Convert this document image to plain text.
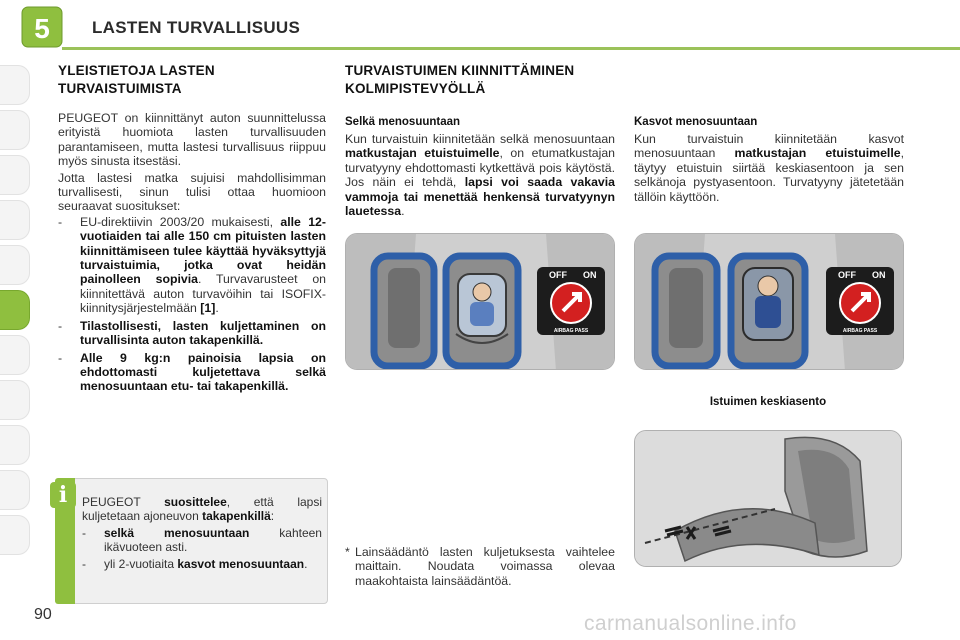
5 LASTEN TURVALLISUUS
YLEISTIETOJA LASTEN
TURVAISTUIMISTA

PEUGEOT on kiinnittänyt auton suunnittelussa erityistä huomiota lasten turvallisuuden parantamiseen, mutta lastesi turvallisuus riippuu myös sinusta itsestäsi.

Jotta lastesi matka sujuisi mahdollisimman turvallisesti, sinun tulisi ottaa huomioon seuraavat suositukset:

- EU-direktiivin 2003/20 mukaisesti, alle 12-vuotiaiden tai alle 150 cm pituisten lasten kiinnittämiseen tulee käyttää hyväksyttyjä turvaistuimia, jotka ovat heidän painolleen sopivia. Turvavarusteet on kiinnitettävä auton turvavöihin tai ISOFIX-kiinnitysjärjestelmään [1].
- Tilastollisesti, lasten kuljettaminen on turvallisinta auton takapenkillä.
- Alle 9 kg:n painoisia lapsia on ehdottomasti kuljetettava selkä menosuuntaan etu- tai takapenkillä.
i	PEUGEOT suosittelee, että lapsi kuljetetaan ajoneuvon takapenkillä:

- selkä menosuuntaan kahteen ikävuoteen asti.
- yli 2-vuotiaita kasvot menosuuntaan.
90	carmanualsonline.info
TURVAISTUIMEN KIINNITTÄMINEN
KOLMIPISTEVYÖLLÄ
Selkä menosuuntaan

Kun turvaistuin kiinnitetään selkä menosuuntaan matkustajan etuistuimelle, on etumatkustajan turvatyyny ehdottomasti kytkettävä pois käytöstä. Jos näin ei tehdä, lapsi voi saada vakavia vammoja tai menettää henkensä turvatyynyn lauetessa.

Kasvot menosuuntaan

Kun turvaistuin kiinnitetään kasvot menosuuntaan matkustajan etuistuimelle, täytyy etuistuin siirtää keskiasentoon ja sen selkänoja pystyasentoon. Turvatyyny jätetetään tällöin käyttöön.

OFF ON
AIRBAG PASS
OFF ON
AIRBAG PASS
Istuimen keskiasento
* Lainsäädäntö lasten kuljetuksesta vaihtelee maittain. Noudata voimassa olevaa maakohtaista lainsäädäntöä.
